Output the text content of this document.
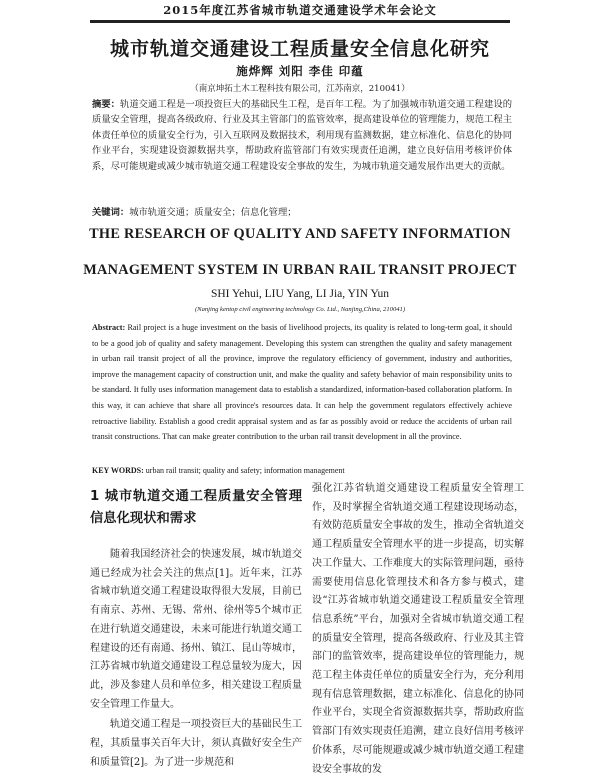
2015年度江苏省城市轨道交通建设学术年会论文
城市轨道交通建设工程质量安全信息化研究
施烨辉 刘阳 李佳 印蕴
（南京坤拓土木工程科技有限公司，江苏南京，210041）
摘要：轨道交通工程是一项投资巨大的基础民生工程，是百年工程。为了加强城市轨道交通工程建设的质量安全管理，提高各级政府、行业及其主管部门的监管效率，提高建设单位的管理能力，规范工程主体责任单位的质量安全行为，引入互联网及数据技术，利用现有监测数据，建立标准化、信息化的协同作业平台，实现建设资源数据共享，帮助政府监管部门有效实现责任追溯，建立良好信用考核评价体系，尽可能规避或减少城市轨道交通工程建设安全事故的发生，为城市轨道交通发展作出更大的贡献。
关键词：城市轨道交通；质量安全；信息化管理；
THE RESEARCH OF QUALITY AND SAFETY INFORMATION
MANAGEMENT SYSTEM IN URBAN RAIL TRANSIT PROJECT
SHI Yehui, LIU Yang, LI Jia, YIN Yun
(Nanjing kentop civil engineering technology Co. Ltd., Nanjing,China, 210041)
Abstract: Rail project is a huge investment on the basis of livelihood projects, its quality is related to long-term goal, it should to be a good job of quality and safety management. Developing this system can strengthen the quality and safety management in urban rail transit project of all the province, improve the regulatory efficiency of government, industry and authorities, improve the management capacity of construction unit, and make the quality and safety behavior of main responsibility units to be standard. It fully uses information management data to establish a standardized, information-based collaboration platform. In this way, it can achieve that share all province's resources data. It can help the government regulators effectively achieve retroactive liability. Establish a good credit appraisal system and as far as possibly avoid or reduce the accidents of urban rail transit constructions. That can make greater contribution to the urban rail transit development in all the province.
KEY WORDS: urban rail transit; quality and safety; information management
1 城市轨道交通工程质量安全管理信息化现状和需求

随着我国经济社会的快速发展，城市轨道交通已经成为社会关注的焦点[1]。近年来，江苏省城市轨道交通工程建设取得很大发展，目前已有南京、苏州、无锡、常州、徐州等5个城市正在进行轨道交通建设，未来可能进行轨道交通工程建设的还有南通、扬州、镇江、昆山等城市，江苏省城市轨道交通建设工程总量较为庞大，因此，涉及参建人员和单位多，相关建设工程质量安全管理工作量大。

轨道交通工程是一项投资巨大的基础民生工程，其质量事关百年大计，须认真做好安全生产和质量管[2]。为了进一步规范和

强化江苏省轨道交通建设工程质量安全管理工作，及时掌握全省轨道交通工程建设现场动态，有效防范质量安全事故的发生，推动全省轨道交通工程质量安全管理水平的进一步提高，切实解决工作量大、工作难度大的实际管理问题，亟待需要使用信息化管理技术和各方参与模式，建设“江苏省城市轨道交通建设工程质量安全管理信息系统”平台，加强对全省城市轨道交通工程的质量安全管理，提高各级政府、行业及其主管部门的监管效率，提高建设单位的管理能力，规范工程主体责任单位的质量安全行为，充分利用现有信息管理数据，建立标准化、信息化的协同作业平台，实现全省资源数据共享，帮助政府监管部门有效实现责任追溯，建立良好信用考核评价体系，尽可能规避或减少城市轨道交通工程建设安全事故的发
